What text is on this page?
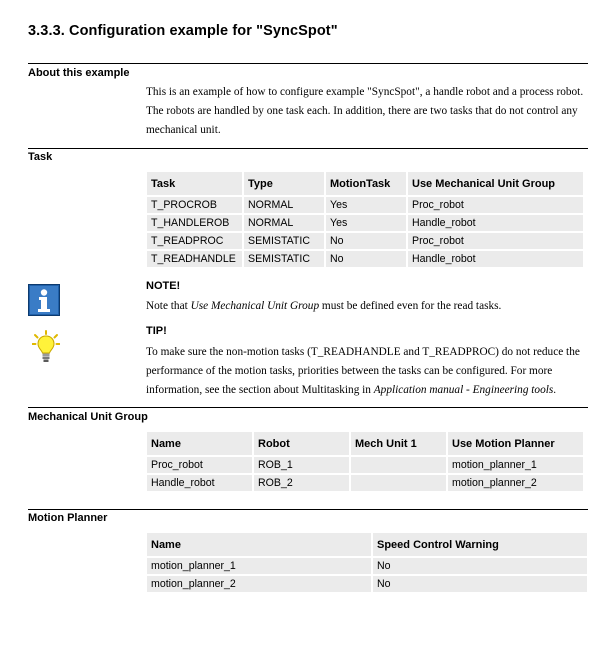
3.3.3. Configuration example for "SyncSpot"
About this example
This is an example of how to configure example "SyncSpot", a handle robot and a process robot. The robots are handled by one task each. In addition, there are two tasks that do not control any mechanical unit.
Task
Task	Type	MotionTask	Use Mechanical Unit Group
T_PROCROB	NORMAL	Yes	Proc_robot
T_HANDLEROB	NORMAL	Yes	Handle_robot
T_READPROC	SEMISTATIC	No	Proc_robot
T_READHANDLE	SEMISTATIC	No	Handle_robot
NOTE!
Note that Use Mechanical Unit Group must be defined even for the read tasks.
TIP!
To make sure the non-motion tasks (T_READHANDLE and T_READPROC) do not reduce the performance of the motion tasks, priorities between the tasks can be configured. For more information, see the section about Multitasking in Application manual - Engineering tools.
Mechanical Unit Group
Name	Robot	Mech Unit 1	Use Motion Planner
Proc_robot	ROB_1		motion_planner_1
Handle_robot	ROB_2		motion_planner_2
Motion Planner
Name	Speed Control Warning
motion_planner_1	No
motion_planner_2	No
